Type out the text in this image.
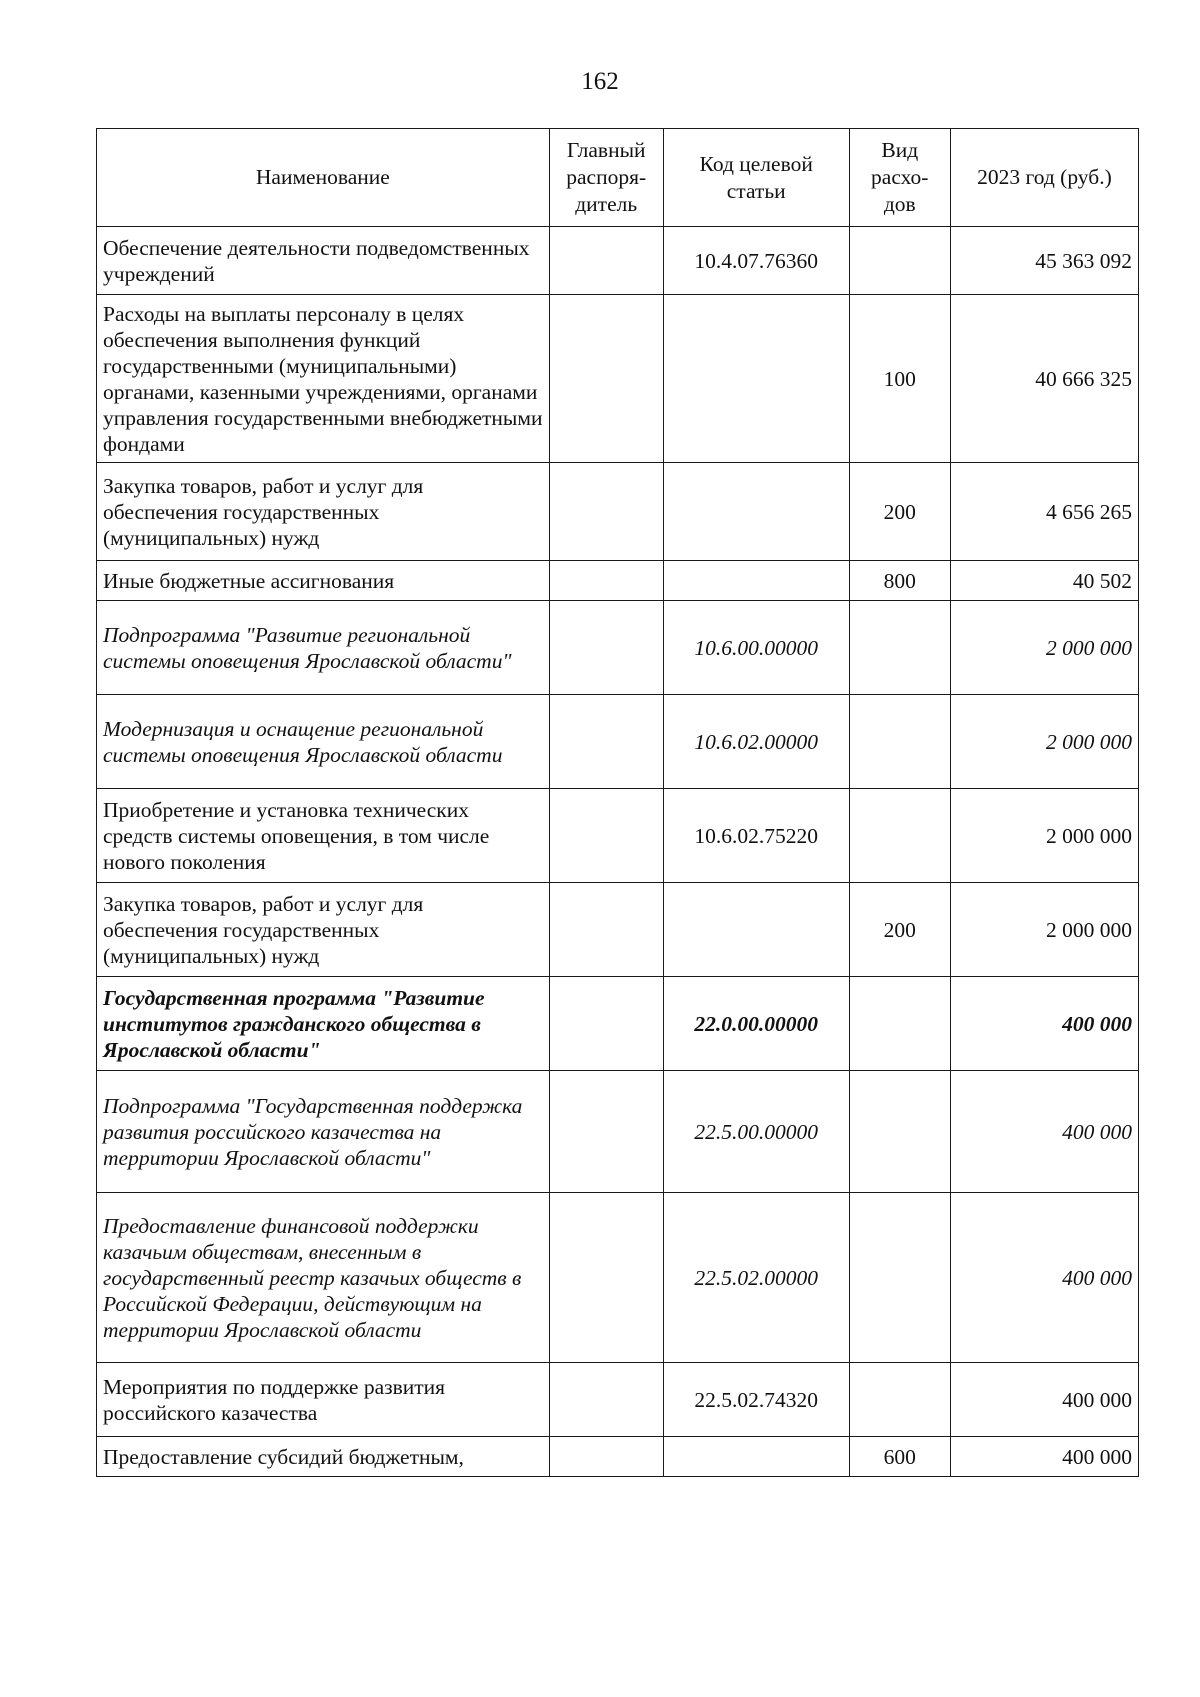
162
Наименование	Главный распоря-дитель	Код целевой статьи	Вид расхо-дов	2023 год (руб.)
Обеспечение деятельности подведомственных учреждений		10.4.07.76360		45 363 092
Расходы на выплаты персоналу в целях обеспечения выполнения функций государственными (муниципальными) органами, казенными учреждениями, органами управления государственными внебюджетными фондами			100	40 666 325
Закупка товаров, работ и услуг для обеспечения государственных (муниципальных) нужд			200	4 656 265
Иные бюджетные ассигнования			800	40 502
Подпрограмма "Развитие региональной системы оповещения Ярославской области"		10.6.00.00000		2 000 000
Модернизация и оснащение региональной системы оповещения Ярославской области		10.6.02.00000		2 000 000
Приобретение и установка технических средств системы оповещения, в том числе нового поколения		10.6.02.75220		2 000 000
Закупка товаров, работ и услуг для обеспечения государственных (муниципальных) нужд			200	2 000 000
Государственная программа "Развитие институтов гражданского общества в Ярославской области"		22.0.00.00000		400 000
Подпрограмма "Государственная поддержка развития российского казачества на территории Ярославской области"		22.5.00.00000		400 000
Предоставление финансовой поддержки казачьим обществам, внесенным в государственный реестр казачьих обществ в Российской Федерации, действующим на территории Ярославской области		22.5.02.00000		400 000
Мероприятия по поддержке развития российского казачества		22.5.02.74320		400 000
Предоставление субсидий бюджетным,			600	400 000
